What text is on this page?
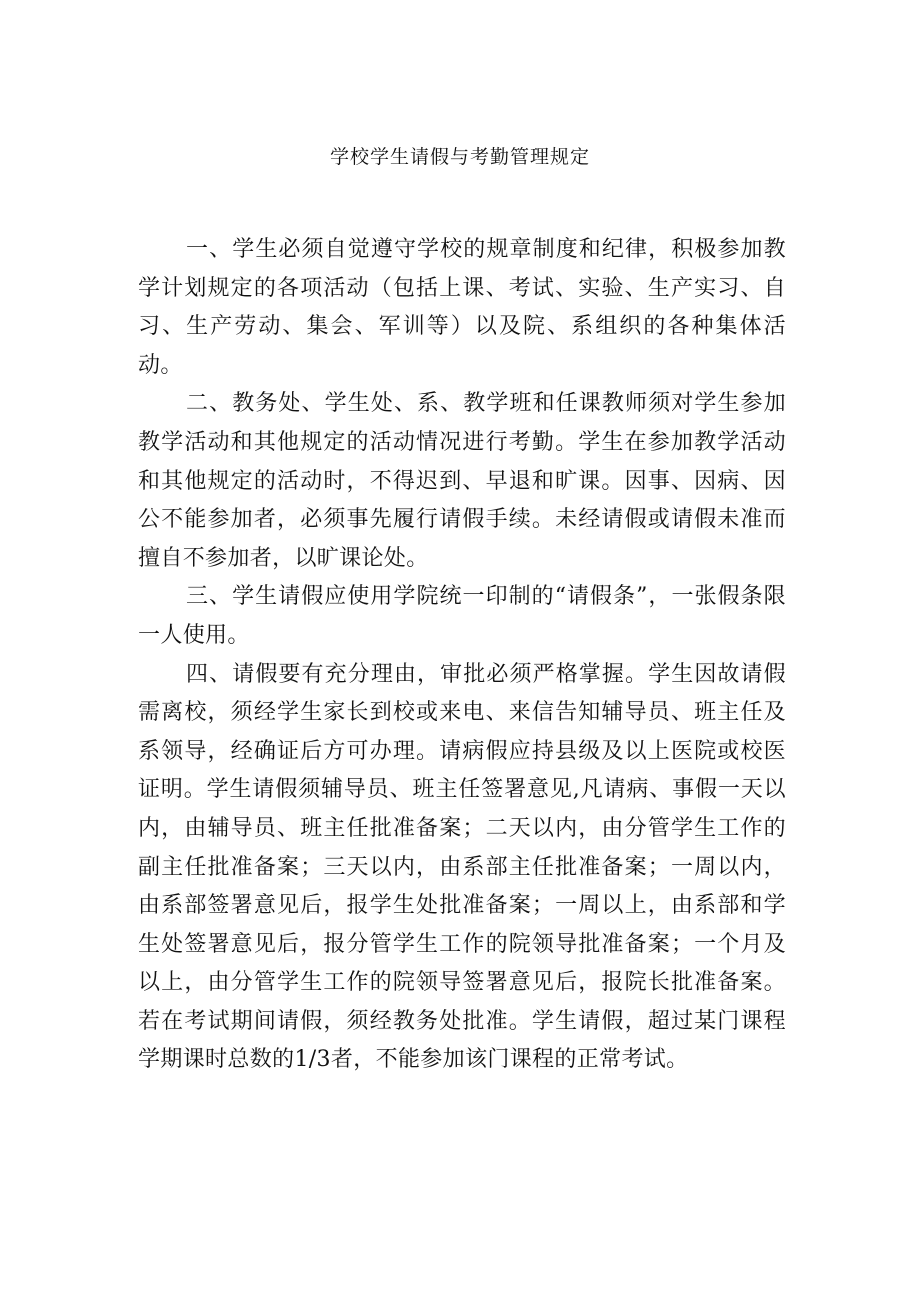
学校学生请假与考勤管理规定

一、学生必须自觉遵守学校的规章制度和纪律，积极参加教学计划规定的各项活动（包括上课、考试、实验、生产实习、自习、生产劳动、集会、军训等）以及院、系组织的各种集体活动。

二、教务处、学生处、系、教学班和任课教师须对学生参加教学活动和其他规定的活动情况进行考勤。学生在参加教学活动和其他规定的活动时，不得迟到、早退和旷课。因事、因病、因公不能参加者，必须事先履行请假手续。未经请假或请假未准而擅自不参加者，以旷课论处。

三、学生请假应使用学院统一印制的“请假条”，一张假条限一人使用。

四、请假要有充分理由，审批必须严格掌握。学生因故请假需离校，须经学生家长到校或来电、来信告知辅导员、班主任及系领导，经确证后方可办理。请病假应持县级及以上医院或校医证明。学生请假须辅导员、班主任签署意见,凡请病、事假一天以内，由辅导员、班主任批准备案；二天以内，由分管学生工作的副主任批准备案；三天以内，由系部主任批准备案；一周以内，由系部签署意见后，报学生处批准备案；一周以上，由系部和学生处签署意见后，报分管学生工作的院领导批准备案；一个月及以上，由分管学生工作的院领导签署意见后，报院长批准备案。若在考试期间请假，须经教务处批准。学生请假，超过某门课程学期课时总数的1/3者，不能参加该门课程的正常考试。
